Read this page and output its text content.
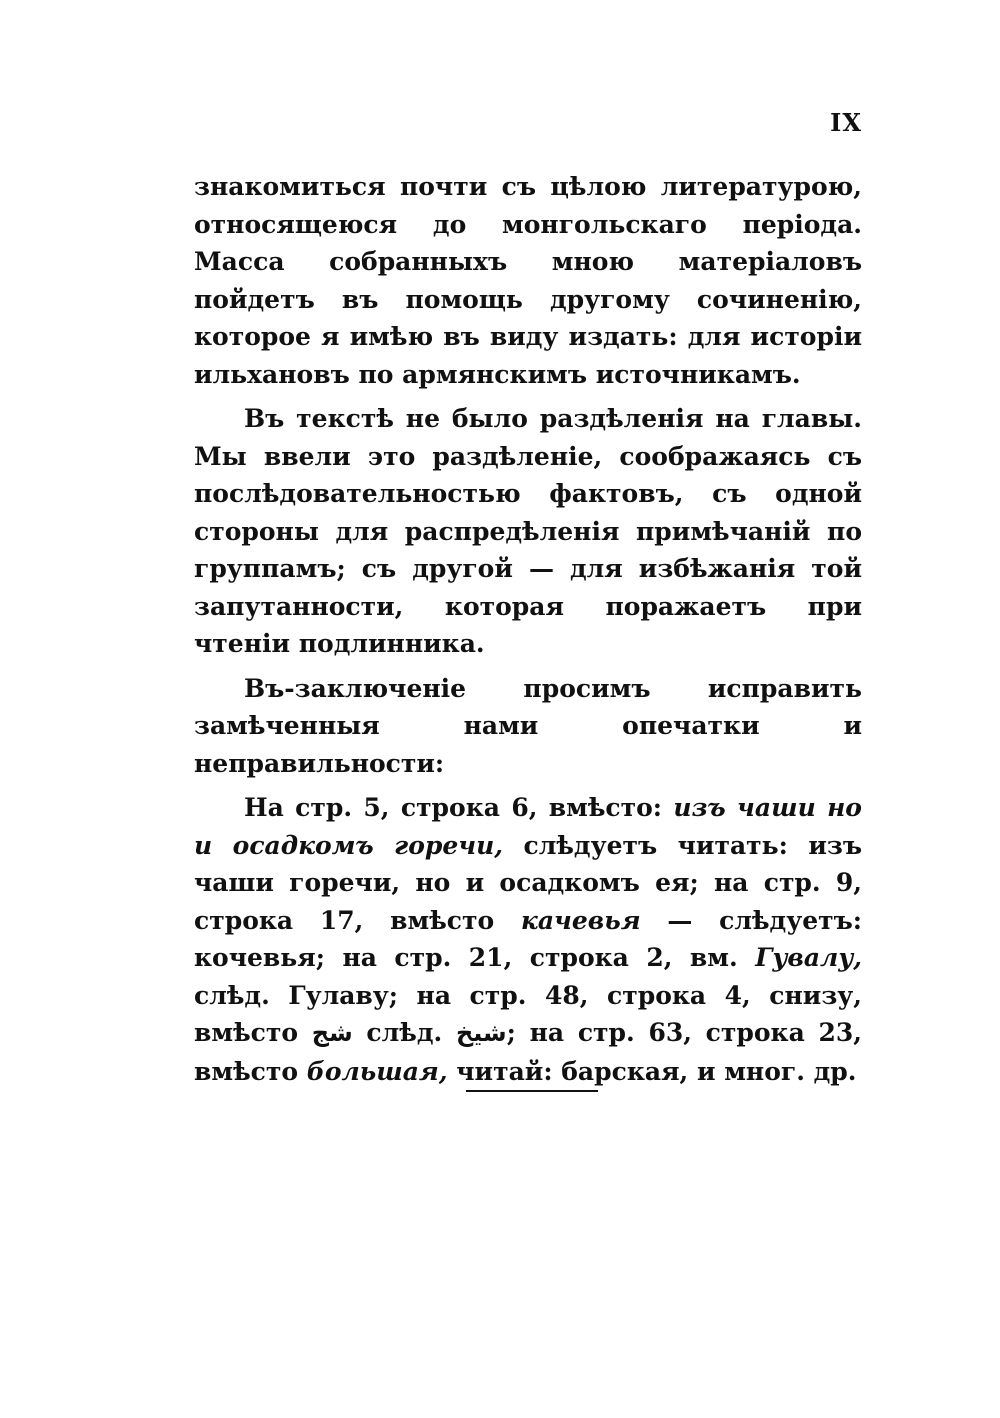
IX

знакомиться почти съ цѣлою литературою, относящеюся до монгольскаго періода. Масса собранныхъ мною матеріаловъ пойдетъ въ помощь другому сочиненію, которое я имѣю въ виду издать: для исторіи ильхановъ по армянскимъ источникамъ.

Въ текстѣ не было раздѣленія на главы. Мы ввели это раздѣленіе, соображаясь съ послѣдовательностью фактовъ, съ одной стороны для распредѣленія примѣчаній по группамъ; съ другой — для избѣжанія той запутанности, которая поражаетъ при чтеніи подлинника.

Въ-заключеніе просимъ исправить замѣченныя нами опечатки и неправильности:

На стр. 5, строка 6, вмѣсто: изъ чаши но и осадкомъ горечи, слѣдуетъ читать: изъ чаши горечи, но и осадкомъ ея; на стр. 9, строка 17, вмѣсто качевья — слѣдуетъ: кочевья; на стр. 21, строка 2, вм. Гувалу, слѣд. Гулаву; на стр. 48, строка 4, снизу, вмѣсто شج слѣд. شيخ; на стр. 63, строка 23, вмѣсто большая, читай: барская, и мног. др.
